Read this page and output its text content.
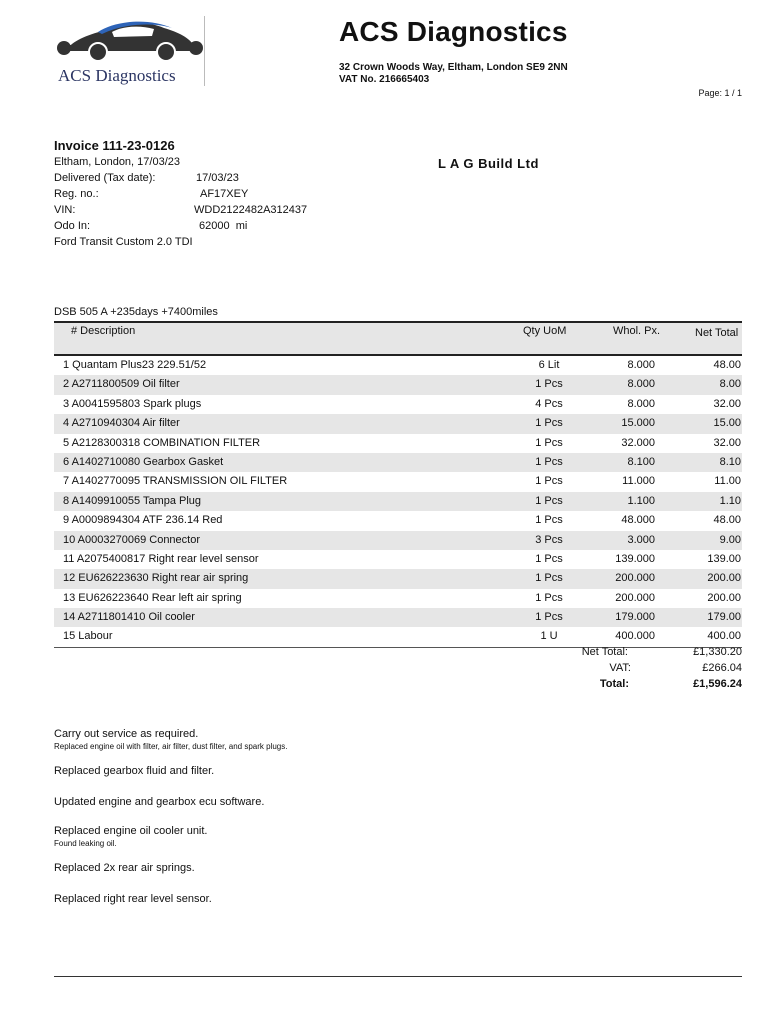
ACS Diagnostics
ACS Diagnostics
32 Crown Woods Way, Eltham, London SE9 2NN
VAT No. 216665403
Page: 1 / 1
Invoice 111-23-0126
Eltham, London, 17/03/23
Delivered (Tax date):	17/03/23
Reg. no.:	AF17XEY
VIN:	WDD2122482A312437
Odo In:	62000  mi
Ford Transit Custom 2.0 TDI
L A G Build Ltd
DSB 505 A +235days +7400miles
# Description	Qty UoM	Whol. Px.	Net Total
1 Quantam Plus23 229.51/52	6 Lit	8.000	48.00
2 A2711800509 Oil filter	1 Pcs	8.000	8.00
3 A0041595803 Spark plugs	4 Pcs	8.000	32.00
4 A2710940304 Air filter	1 Pcs	15.000	15.00
5 A2128300318 COMBINATION FILTER	1 Pcs	32.000	32.00
6 A1402710080 Gearbox Gasket	1 Pcs	8.100	8.10
7 A1402770095 TRANSMISSION OIL FILTER	1 Pcs	11.000	11.00
8 A1409910055 Tampa Plug	1 Pcs	1.100	1.10
9 A0009894304 ATF 236.14 Red	1 Pcs	48.000	48.00
10 A0003270069 Connector	3 Pcs	3.000	9.00
11 A2075400817 Right rear level sensor	1 Pcs	139.000	139.00
12 EU626223630 Right rear air spring	1 Pcs	200.000	200.00
13 EU626223640 Rear left air spring	1 Pcs	200.000	200.00
14 A2711801410 Oil cooler	1 Pcs	179.000	179.00
15 Labour	1 U	400.000	400.00
Net Total:	£1,330.20
VAT:	£266.04
Total:	£1,596.24
Carry out service as required.
Replaced engine oil with filter, air filter, dust filter, and spark plugs.
Replaced gearbox fluid and filter.
Updated engine and gearbox ecu software.
Replaced engine oil cooler unit.
Found leaking oil.
Replaced 2x rear air springs.
Replaced right rear level sensor.
